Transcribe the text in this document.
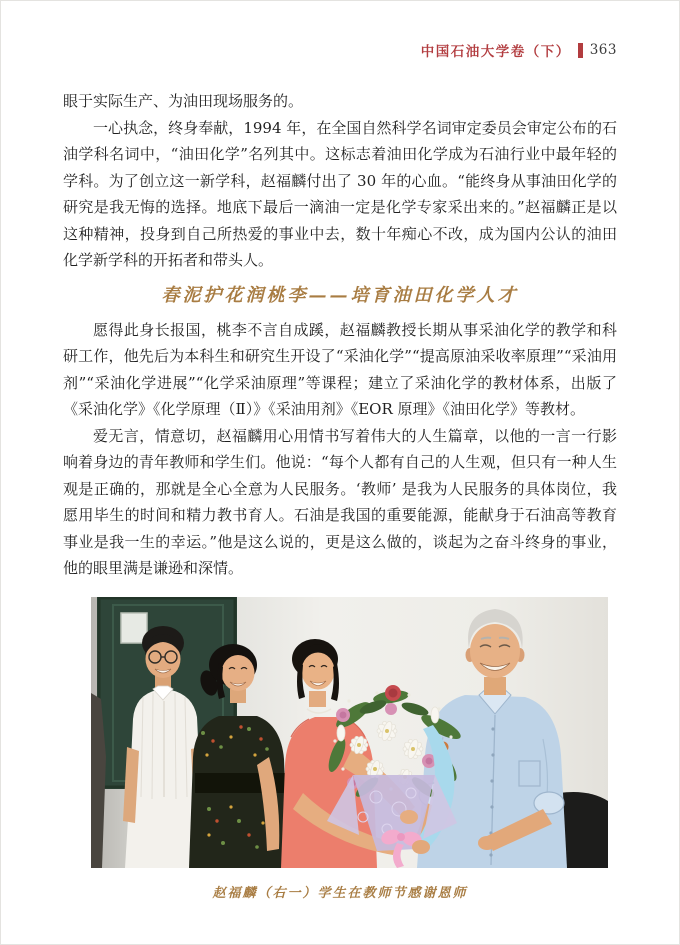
中国石油大学卷（下） 363

眼于实际生产、为油田现场服务的。

一心执念，终身奉献，1994 年，在全国自然科学名词审定委员会审定公布的石油学科名词中，“油田化学”名列其中。这标志着油田化学成为石油行业中最年轻的学科。为了创立这一新学科，赵福麟付出了 30 年的心血。“能终身从事油田化学的研究是我无悔的选择。地底下最后一滴油一定是化学专家采出来的。”赵福麟正是以这种精神，投身到自己所热爱的事业中去，数十年痴心不改，成为国内公认的油田化学新学科的开拓者和带头人。

春泥护花润桃李——培育油田化学人才

愿得此身长报国，桃李不言自成蹊，赵福麟教授长期从事采油化学的教学和科研工作，他先后为本科生和研究生开设了“采油化学”“提高原油采收率原理”“采油用剂”“采油化学进展”“化学采油原理”等课程；建立了采油化学的教材体系，出版了《采油化学》《化学原理（Ⅱ）》《采油用剂》《EOR 原理》《油田化学》等教材。

爱无言，情意切，赵福麟用心用情书写着伟大的人生篇章，以他的一言一行影响着身边的青年教师和学生们。他说：“每个人都有自己的人生观，但只有一种人生观是正确的，那就是全心全意为人民服务。‘教师’ 是我为人民服务的具体岗位，我愿用毕生的时间和精力教书育人。石油是我国的重要能源，能献身于石油高等教育事业是我一生的幸运。”他是这么说的，更是这么做的，谈起为之奋斗终身的事业，他的眼里满是谦逊和深情。

赵福麟（右一）学生在教师节感谢恩师
